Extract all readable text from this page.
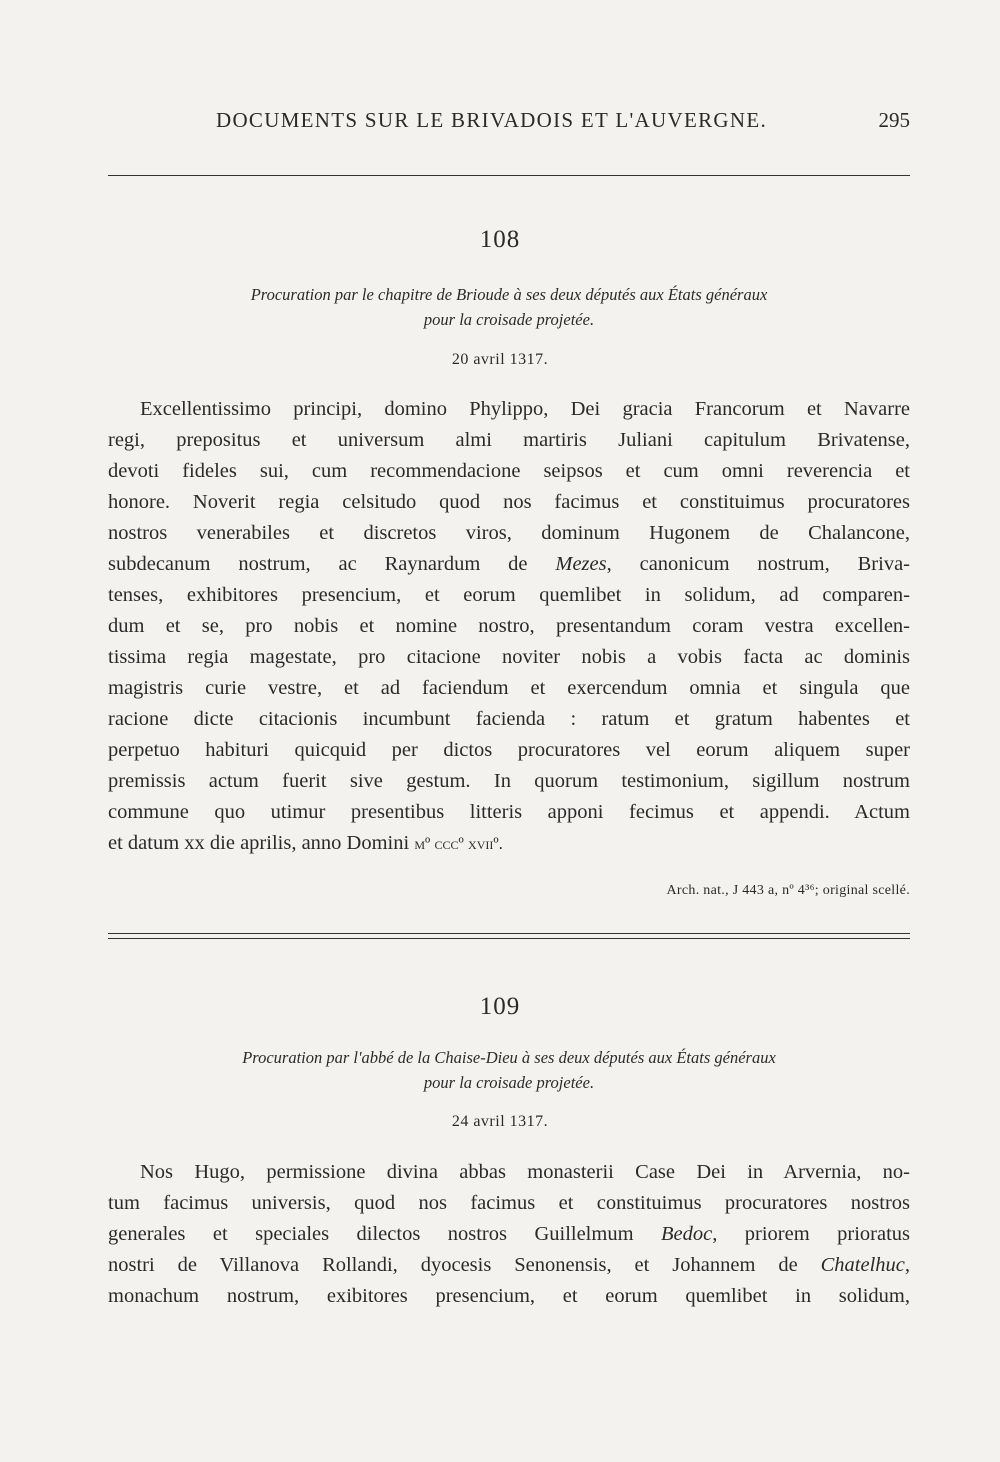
DOCUMENTS SUR LE BRIVADOIS ET L'AUVERGNE.	295
108
Procuration par le chapitre de Brioude à ses deux députés aux États généraux
pour la croisade projetée.
20 avril 1317.
Excellentissimo principi, domino Phylippo, Dei gracia Francorum et Navarre
regi, prepositus et universum almi martiris Juliani capitulum Brivatense,
devoti fideles sui, cum recommendacione seipsos et cum omni reverencia et
honore. Noverit regia celsitudo quod nos facimus et constituimus procuratores
nostros venerabiles et discretos viros, dominum Hugonem de Chalancone,
subdecanum nostrum, ac Raynardum de Mezes, canonicum nostrum, Briva-
tenses, exhibitores presencium, et eorum quemlibet in solidum, ad comparen-
dum et se, pro nobis et nomine nostro, presentandum coram vestra excellen-
tissima regia magestate, pro citacione noviter nobis a vobis facta ac dominis
magistris curie vestre, et ad faciendum et exercendum omnia et singula que
racione dicte citacionis incumbunt facienda : ratum et gratum habentes et
perpetuo habituri quicquid per dictos procuratores vel eorum aliquem super
premissis actum fuerit sive gestum. In quorum testimonium, sigillum nostrum
commune quo utimur presentibus litteris apponi fecimus et appendi. Actum
et datum xx die aprilis, anno Domini mº cccº xviiº.
Arch. nat., J 443 a, nº 4³⁶; original scellé.
109
Procuration par l'abbé de la Chaise-Dieu à ses deux députés aux États généraux
pour la croisade projetée.
24 avril 1317.
Nos Hugo, permissione divina abbas monasterii Case Dei in Arvernia, no-
tum facimus universis, quod nos facimus et constituimus procuratores nostros
generales et speciales dilectos nostros Guillelmum Bedoc, priorem prioratus
nostri de Villanova Rollandi, dyocesis Senonensis, et Johannem de Chatelhuc,
monachum nostrum, exibitores presencium, et eorum quemlibet in solidum,
